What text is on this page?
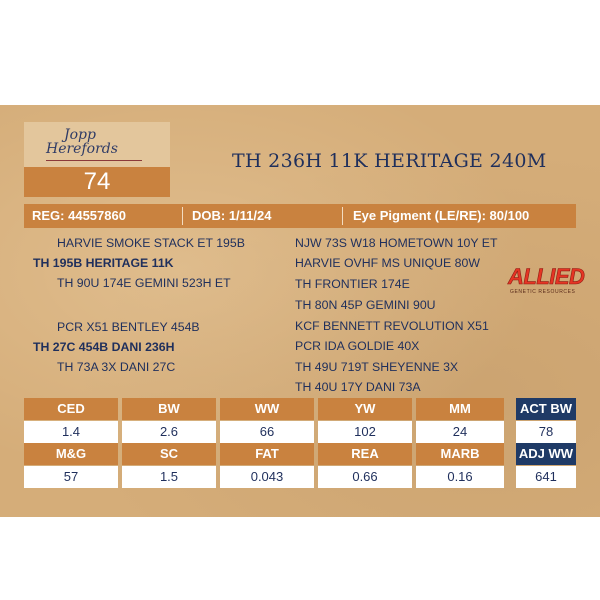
Jopp
Herefords
74
TH 236H 11K HERITAGE 240M
REG: 44557860	DOB: 1/11/24	Eye Pigment (LE/RE): 80/100
HARVIE SMOKE STACK ET 195B
TH 195B HERITAGE 11K
TH 90U 174E GEMINI 523H ET
PCR X51 BENTLEY 454B
TH 27C 454B DANI 236H
TH 73A 3X DANI 27C
NJW 73S W18 HOMETOWN 10Y ET
HARVIE OVHF MS UNIQUE 80W
TH FRONTIER 174E
TH 80N 45P GEMINI 90U
KCF BENNETT REVOLUTION X51
PCR IDA GOLDIE 40X
TH 49U 719T SHEYENNE 3X
TH 40U 17Y DANI 73A
ALLIED
GENETIC RESOURCES
CED	BW	WW	YW	MM
1.4	2.6	66	102	24
M&G	SC	FAT	REA	MARB
57	1.5	0.043	0.66	0.16
ACT BW
78
ADJ WW
641
